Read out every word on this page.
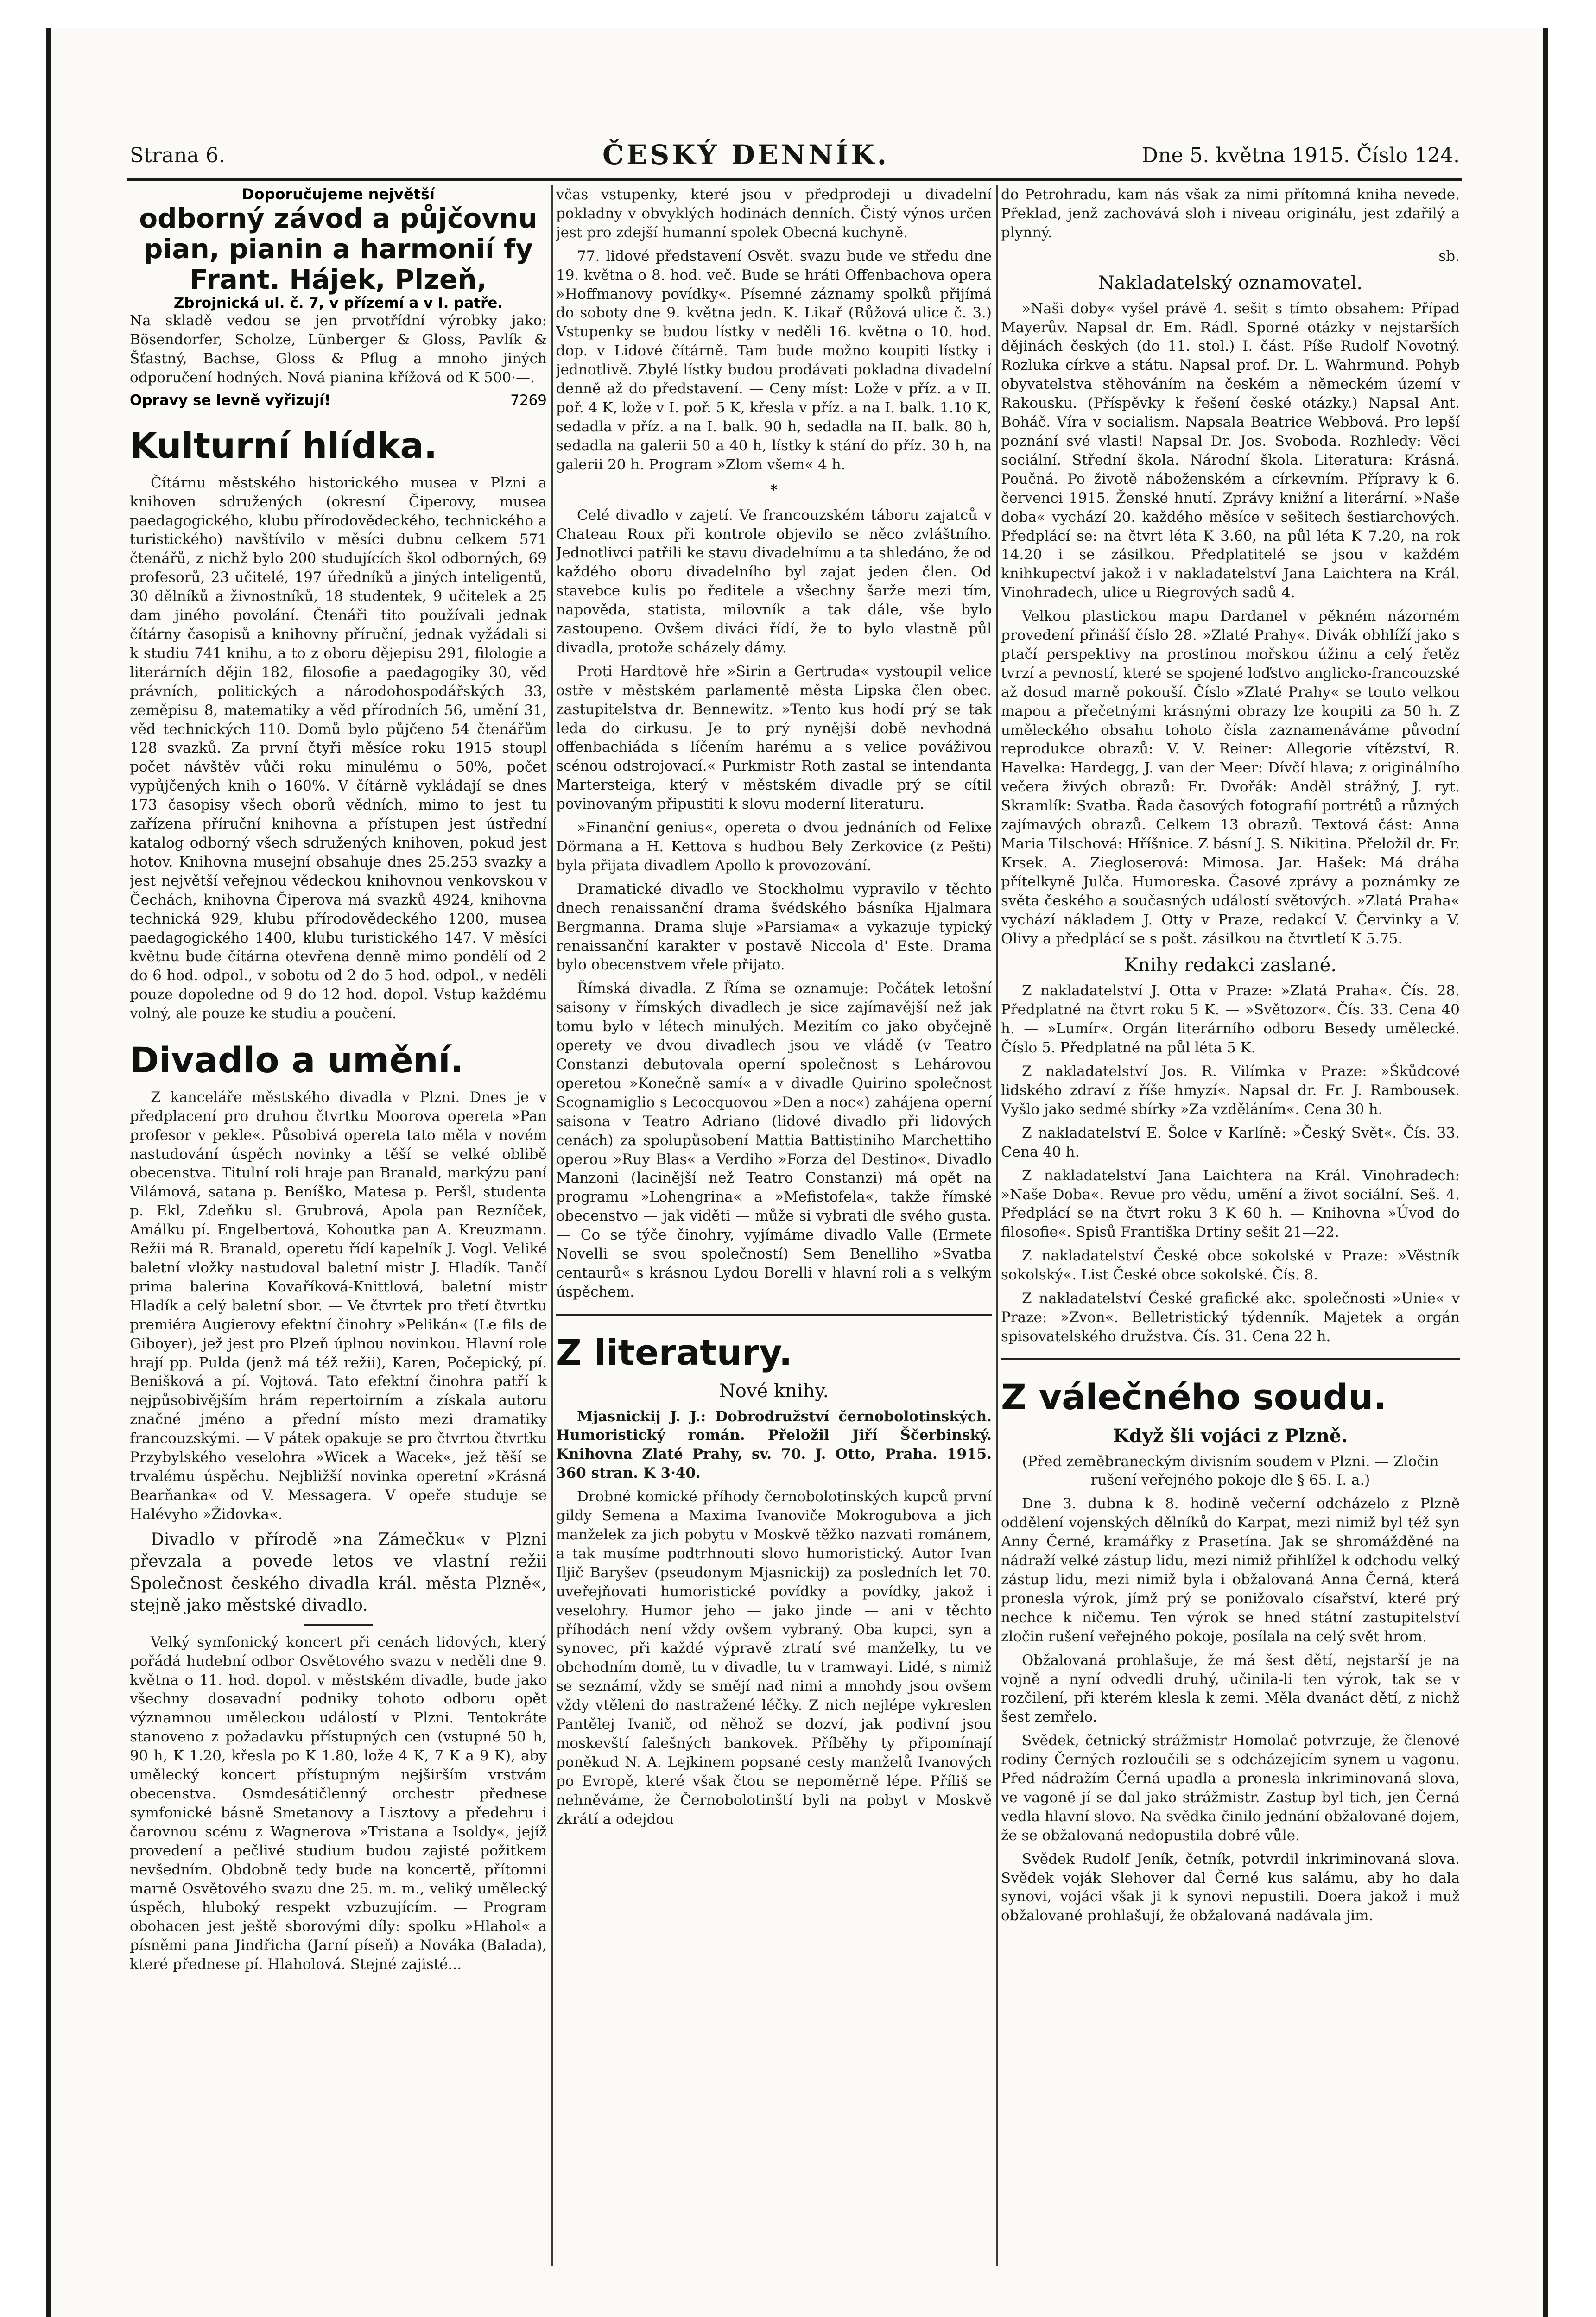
Strana 6.	ČESKÝ DENNÍK.	Dne 5. května 1915. Číslo 124.

Doporučujeme největší

odborný závod a půjčovnu pian, pianin a harmonií fy Frant. Hájek, Plzeň,

Zbrojnická ul. č. 7, v přízemí a v I. patře.

Na skladě vedou se jen prvotřídní výrobky jako: Bösendorfer, Scholze, Lünberger & Gloss, Pavlík & Šťastný, Bachse, Gloss & Pflug a mnoho jiných odporučení hodných. Nová pianina křížová od K 500·—.

Opravy se levně vyřizují!	7269

Kulturní hlídka.

Čítárnu městského historického musea v Plzni a knihoven sdružených (okresní Čiperovy, musea paedagogického, klubu přírodovědeckého, technického a turistického) navštívilo v měsíci dubnu celkem 571 čtenářů, z nichž bylo 200 studujících škol odborných, 69 profesorů, 23 učitelé, 197 úředníků a jiných inteligentů, 30 dělníků a živnostníků, 18 studentek, 9 učitelek a 25 dam jiného povolání. Čtenáři tito používali jednak čítárny časopisů a knihovny příruční, jednak vyžádali si k studiu 741 knihu, a to z oboru dějepisu 291, filologie a literárních dějin 182, filosofie a paedagogiky 30, věd právních, politických a národohospodářských 33, zeměpisu 8, matematiky a věd přírodních 56, umění 31, věd technických 110. Domů bylo půjčeno 54 čtenářům 128 svazků. Za první čtyři měsíce roku 1915 stoupl počet návštěv vůči roku minulému o 50%, počet vypůjčených knih o 160%. V čítárně vykládají se dnes 173 časopisy všech oborů vědních, mimo to jest tu zařízena příruční knihovna a přístupen jest ústřední katalog odborný všech sdružených knihoven, pokud jest hotov. Knihovna musejní obsahuje dnes 25.253 svazky a jest největší veřejnou vědeckou knihovnou venkovskou v Čechách, knihovna Čiperova má svazků 4924, knihovna technická 929, klubu přírodovědeckého 1200, musea paedagogického 1400, klubu turistického 147. V měsíci květnu bude čítárna otevřena denně mimo pondělí od 2 do 6 hod. odpol., v sobotu od 2 do 5 hod. odpol., v neděli pouze dopoledne od 9 do 12 hod. dopol. Vstup každému volný, ale pouze ke studiu a poučení.

Divadlo a umění.

Z kanceláře městského divadla v Plzni. Dnes je v předplacení pro druhou čtvrtku Moorova opereta »Pan profesor v pekle«. Působivá opereta tato měla v novém nastudování úspěch novinky a těší se velké oblibě obecenstva. Titulní roli hraje pan Branald, markýzu paní Vilámová, satana p. Beníško, Matesa p. Peršl, studenta p. Ekl, Zdeňku sl. Grubrová, Apola pan Rezníček, Amálku pí. Engelbertová, Kohoutka pan A. Kreuzmann. Režii má R. Branald, operetu řídí kapelník J. Vogl. Veliké baletní vložky nastudoval baletní mistr J. Hladík. Tančí prima balerina Kovaříková-Knittlová, baletní mistr Hladík a celý baletní sbor. — Ve čtvrtek pro třetí čtvrtku premiéra Augierovy efektní činohry »Pelikán« (Le fils de Giboyer), jež jest pro Plzeň úplnou novinkou. Hlavní role hrají pp. Pulda (jenž má též režii), Karen, Počepický, pí. Benišková a pí. Vojtová. Tato efektní činohra patří k nejpůsobivějším hrám repertoirním a získala autoru značné jméno a přední místo mezi dramatiky francouzskými. — V pátek opakuje se pro čtvrtou čtvrtku Przybylského veselohra »Wicek a Wacek«, jež těší se trvalému úspěchu. Nejbližší novinka operetní »Krásná Bearňanka« od V. Messagera. V opeře studuje se Halévyho »Židovka«.

Divadlo v přírodě »na Zámečku« v Plzni převzala a povede letos ve vlastní režii Společnost českého divadla král. města Plzně«, stejně jako městské divadlo.

Velký symfonický koncert při cenách lidových, který pořádá hudební odbor Osvětového svazu v neděli dne 9. května o 11. hod. dopol. v městském divadle, bude jako všechny dosavadní podniky tohoto odboru opět významnou uměleckou událostí v Plzni. Tentokráte stanoveno z požadavku přístupných cen (vstupné 50 h, 90 h, K 1.20, křesla po K 1.80, lože 4 K, 7 K a 9 K), aby umělecký koncert přístupným nejširším vrstvám obecenstva. Osmdesátičlenný orchestr přednese symfonické básně Smetanovy a Lisztovy a předehru i čarovnou scénu z Wagnerova »Tristana a Isoldy«, jejíž provedení a pečlivé studium budou zajisté požitkem nevšedním. Obdobně tedy bude na koncertě, přítomni marně Osvětového svazu dne 25. m. m., veliký umělecký úspěch, hluboký respekt vzbuzujícím. — Program obohacen jest ještě sborovými díly: spolku »Hlahol« a písněmi pana Jindřicha (Jarní píseň) a Nováka (Balada), které přednese pí. Hlaholová. Stejné zajisté...

včas vstupenky, které jsou v předprodeji u divadelní pokladny v obvyklých hodinách denních. Čistý výnos určen jest pro zdejší humanní spolek Obecná kuchyně.

77. lidové představení Osvět. svazu bude ve středu dne 19. května o 8. hod. več. Bude se hráti Offenbachova opera »Hoffmanovy povídky«. Písemné záznamy spolků přijímá do soboty dne 9. května jedn. K. Likař (Růžová ulice č. 3.) Vstupenky se budou lístky v neděli 16. května o 10. hod. dop. v Lidové čítárně. Tam bude možno koupiti lístky i jednotlivě. Zbylé lístky budou prodávati pokladna divadelní denně až do představení. — Ceny míst: Lože v příz. a v II. poř. 4 K, lože v I. poř. 5 K, křesla v příz. a na I. balk. 1.10 K, sedadla v příz. a na I. balk. 90 h, sedadla na II. balk. 80 h, sedadla na galerii 50 a 40 h, lístky k stání do příz. 30 h, na galerii 20 h. Program »Zlom všem« 4 h.

*

Celé divadlo v zajetí. Ve francouzském táboru zajatců v Chateau Roux při kontrole objevilo se něco zvláštního. Jednotlivci patřili ke stavu divadelnímu a ta shledáno, že od každého oboru divadelního byl zajat jeden člen. Od stavebce kulis po ředitele a všechny šarže mezi tím, napověda, statista, milovník a tak dále, vše bylo zastoupeno. Ovšem diváci řídí, že to bylo vlastně půl divadla, protože scházely dámy.

Proti Hardtově hře »Sirin a Gertruda« vystoupil velice ostře v městském parlamentě města Lipska člen obec. zastupitelstva dr. Bennewitz. »Tento kus hodí prý se tak leda do cirkusu. Je to prý nynější době nevhodná offenbachiáda s líčením harému a s velice pováživou scénou odstrojovací.« Purkmistr Roth zastal se intendanta Martersteiga, který v městském divadle prý se cítil povinovaným připustiti k slovu moderní literaturu.

»Finanční genius«, opereta o dvou jednáních od Felixe Dörmana a H. Kettova s hudbou Bely Zerkovice (z Pešti) byla přijata divadlem Apollo k provozování.

Dramatické divadlo ve Stockholmu vypravilo v těchto dnech renaissanční drama švédského básníka Hjalmara Bergmanna. Drama sluje »Parsiama« a vykazuje typický renaissanční karakter v postavě Niccola d' Este. Drama bylo obecenstvem vřele přijato.

Římská divadla. Z Říma se oznamuje: Počátek letošní saisony v římských divadlech je sice zajímavější než jak tomu bylo v létech minulých. Mezitím co jako obyčejně operety ve dvou divadlech jsou ve vládě (v Teatro Constanzi debutovala operní společnost s Lehárovou operetou »Konečně samí« a v divadle Quirino společnost Scognamiglio s Lecocquovou »Den a noc«) zahájena operní saisona v Teatro Adriano (lidové divadlo při lidových cenách) za spolupůsobení Mattia Battistiniho Marchettiho operou »Ruy Blas« a Verdiho »Forza del Destino«. Divadlo Manzoni (lacinější než Teatro Constanzi) má opět na programu »Lohengrina« a »Mefistofela«, takže římské obecenstvo — jak viděti — může si vybrati dle svého gusta. — Co se týče činohry, vyjímáme divadlo Valle (Ermete Novelli se svou společností) Sem Benelliho »Svatba centaurů« s krásnou Lydou Borelli v hlavní roli a s velkým úspěchem.

Z literatury.
Nové knihy.

Mjasnickij J. J.: Dobrodružství černobolotinských. Humoristický román. Přeložil Jiří Ščerbinský. Knihovna Zlaté Prahy, sv. 70. J. Otto, Praha. 1915. 360 stran. K 3·40.

Drobné komické příhody černobolotinských kupců první gildy Semena a Maxima Ivanoviče Mokrogubova a jich manželek za jich pobytu v Moskvě těžko nazvati románem, a tak musíme podtrhnouti slovo humoristický. Autor Ivan Iljič Baryšev (pseudonym Mjasnickij) za posledních let 70. uveřejňovati humoristické povídky a povídky, jakož i veselohry. Humor jeho — jako jinde — ani v těchto příhodách není vždy ovšem vybraný. Oba kupci, syn a synovec, při každé výpravě ztratí své manželky, tu ve obchodním domě, tu v divadle, tu v tramwayi. Lidé, s nimiž se seznámí, vždy se smějí nad nimi a mnohdy jsou ovšem vždy vtěleni do nastražené léčky. Z nich nejlépe vykreslen Pantělej Ivanič, od něhož se dozví, jak podivní jsou moskevští falešných bankovek. Příběhy ty připomínají poněkud N. A. Lejkinem popsané cesty manželů Ivanových po Evropě, které však čtou se nepoměrně lépe. Příliš se nehněváme, že Černobolotinští byli na pobyt v Moskvě zkrátí a odejdou

do Petrohradu, kam nás však za nimi přítomná kniha nevede. Překlad, jenž zachovává sloh i niveau originálu, jest zdařilý a plynný.

sb.

Nakladatelský oznamovatel.

»Naši doby« vyšel právě 4. sešit s tímto obsahem: Případ Mayerův. Napsal dr. Em. Rádl. Sporné otázky v nejstarších dějinách českých (do 11. stol.) I. část. Píše Rudolf Novotný. Rozluka církve a státu. Napsal prof. Dr. L. Wahrmund. Pohyb obyvatelstva stěhováním na českém a německém území v Rakousku. (Příspěvky k řešení české otázky.) Napsal Ant. Boháč. Víra v socialism. Napsala Beatrice Webbová. Pro lepší poznání své vlasti! Napsal Dr. Jos. Svoboda. Rozhledy: Věci sociální. Střední škola. Národní škola. Literatura: Krásná. Poučná. Po životě náboženském a církevním. Přípravy k 6. červenci 1915. Ženské hnutí. Zprávy knižní a literární. »Naše doba« vychází 20. každého měsíce v sešitech šestiarchových. Předplácí se: na čtvrt léta K 3.60, na půl léta K 7.20, na rok 14.20 i se zásilkou. Předplatitelé se jsou v každém knihkupectví jakož i v nakladatelství Jana Laichtera na Král. Vinohradech, ulice u Riegrových sadů 4.

Velkou plastickou mapu Dardanel v pěkném názorném provedení přináší číslo 28. »Zlaté Prahy«. Divák obhlíží jako s ptačí perspektivy na prostinou mořskou úžinu a celý řetěz tvrzí a pevností, které se spojené loďstvo anglicko-francouzské až dosud marně pokouší. Číslo »Zlaté Prahy« se touto velkou mapou a přečetnými krásnými obrazy lze koupiti za 50 h. Z uměleckého obsahu tohoto čísla zaznamenáváme původní reprodukce obrazů: V. V. Reiner: Allegorie vítězství, R. Havelka: Hardegg, J. van der Meer: Dívčí hlava; z originálního večera živých obrazů: Fr. Dvořák: Anděl strážný, J. ryt. Skramlík: Svatba. Řada časových fotografií portrétů a různých zajímavých obrazů. Celkem 13 obrazů. Textová část: Anna Maria Tilschová: Hříšnice. Z básní J. S. Nikitina. Přeložil dr. Fr. Krsek. A. Ziegloserová: Mimosa. Jar. Hašek: Má dráha přítelkyně Julča. Humoreska. Časové zprávy a poznámky ze světa českého a současných událostí světových. »Zlatá Praha« vychází nákladem J. Otty v Praze, redakcí V. Červinky a V. Olivy a předplácí se s pošt. zásilkou na čtvrtletí K 5.75.

Knihy redakci zaslané.

Z nakladatelství J. Otta v Praze: »Zlatá Praha«. Čís. 28. Předplatné na čtvrt roku 5 K. — »Světozor«. Čís. 33. Cena 40 h. — »Lumír«. Orgán literárního odboru Besedy umělecké. Číslo 5. Předplatné na půl léta 5 K.

Z nakladatelství Jos. R. Vilímka v Praze: »Škůdcové lidského zdraví z říše hmyzí«. Napsal dr. Fr. J. Rambousek. Vyšlo jako sedmé sbírky »Za vzděláním«. Cena 30 h.

Z nakladatelství E. Šolce v Karlíně: »Český Svět«. Čís. 33. Cena 40 h.

Z nakladatelství Jana Laichtera na Král. Vinohradech: »Naše Doba«. Revue pro vědu, umění a život sociální. Seš. 4. Předplácí se na čtvrt roku 3 K 60 h. — Knihovna »Úvod do filosofie«. Spisů Františka Drtiny sešit 21—22.

Z nakladatelství České obce sokolské v Praze: »Věstník sokolský«. List České obce sokolské. Čís. 8.

Z nakladatelství České grafické akc. společnosti »Unie« v Praze: »Zvon«. Belletristický týdenník. Majetek a orgán spisovatelského družstva. Čís. 31. Cena 22 h.

Z válečného soudu.
Když šli vojáci z Plzně.

(Před zeměbraneckým divisním soudem v Plzni. — Zločin rušení veřejného pokoje dle § 65. I. a.)

Dne 3. dubna k 8. hodině večerní odcházelo z Plzně oddělení vojenských dělníků do Karpat, mezi nimiž byl též syn Anny Černé, kramářky z Prasetína. Jak se shromážděné na nádraží velké zástup lidu, mezi nimiž přihlížel k odchodu velký zástup lidu, mezi nimiž byla i obžalovaná Anna Černá, která pronesla výrok, jímž prý se ponižovalo císařství, které prý nechce k ničemu. Ten výrok se hned státní zastupitelství zločin rušení veřejného pokoje, posílala na celý svět hrom.

Obžalovaná prohlašuje, že má šest dětí, nejstarší je na vojně a nyní odvedli druhý, učinila-li ten výrok, tak se v rozčilení, při kterém klesla k zemi. Měla dvanáct dětí, z nichž šest zemřelo.

Svědek, četnický strážmistr Homolač potvrzuje, že členové rodiny Černých rozloučili se s odcházejícím synem u vagonu. Před nádražím Černá upadla a pronesla inkriminovaná slova, ve vagoně jí se dal jako strážmistr. Zastup byl tich, jen Černá vedla hlavní slovo. Na svědka činilo jednání obžalované dojem, že se obžalovaná nedopustila dobré vůle.

Svědek Rudolf Jeník, četník, potvrdil inkriminovaná slova. Svědek voják Slehover dal Černé kus salámu, aby ho dala synovi, vojáci však ji k synovi nepustili. Doera jakož i muž obžalované prohlašují, že obžalovaná nadávala jim.
